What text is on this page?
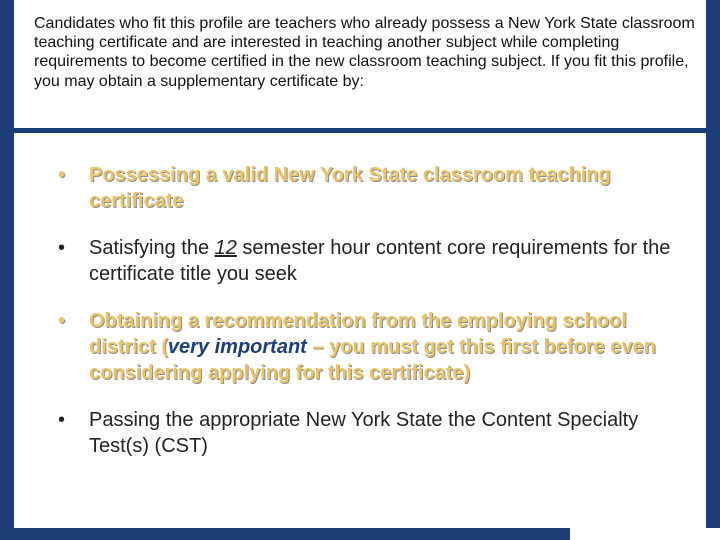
Candidates who fit this profile are teachers who already possess a New York State classroom teaching certificate and are interested in teaching another subject while completing requirements to become certified in the new classroom teaching subject. If you fit this profile, you may obtain a supplementary certificate by:
• Possessing a valid New York State classroom teaching certificate
• Satisfying the 12 semester hour content core requirements for the certificate title you seek
• Obtaining a recommendation from the employing school district (very important – you must get this first before even considering applying for this certificate)
• Passing the appropriate New York State the Content Specialty Test(s) (CST)
